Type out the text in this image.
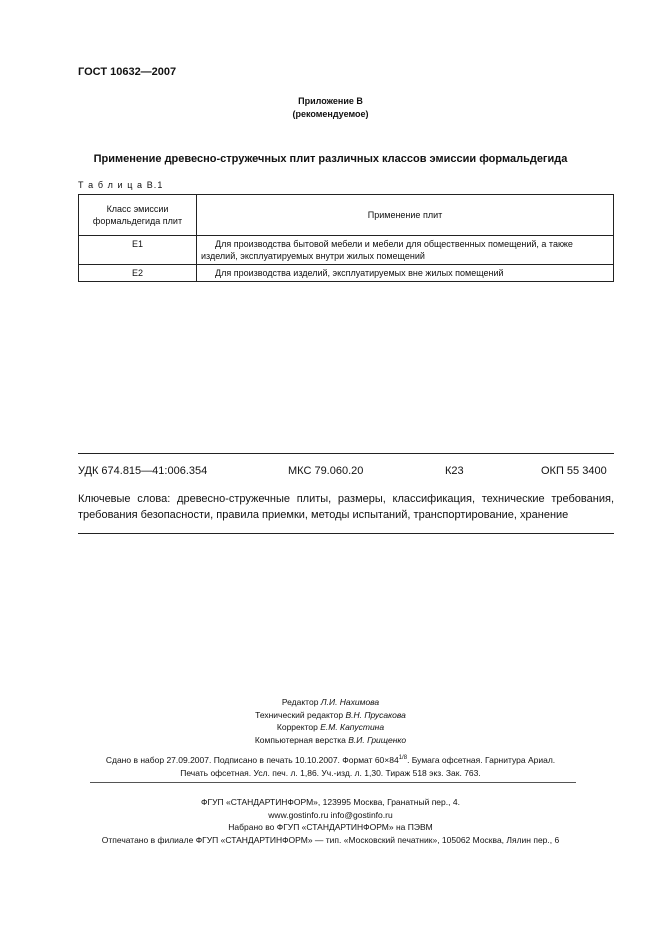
ГОСТ 10632—2007
Приложение В
(рекомендуемое)
Применение древесно-стружечных плит различных классов эмиссии формальдегида
Т а б л и ц а В.1
Класс эмиссии
формальдегида плит	Применение плит
Е1	Для производства бытовой мебели и мебели для общественных помещений, а также изделий, эксплуатируемых внутри жилых помещений
Е2	Для производства изделий, эксплуатируемых вне жилых помещений
УДК 674.815—41:006.354	МКС 79.060.20	К23	ОКП 55 3400
Ключевые слова: древесно-стружечные плиты, размеры, классификация, технические требования, требования безопасности, правила приемки, методы испытаний, транспортирование, хранение
Редактор Л.И. Нахимова
Технический редактор В.Н. Прусакова
Корректор Е.М. Капустина
Компьютерная верстка В.И. Грищенко
Сдано в набор 27.09.2007. Подписано в печать 10.10.2007. Формат $60\times 84^{1/8}$. Бумага офсетная. Гарнитура Ариал.
Печать офсетная. Усл. печ. л. 1,86. Уч.-изд. л. 1,30. Тираж 518 экз. Зак. 763.
ФГУП «СТАНДАРТИНФОРМ», 123995 Москва, Гранатный пер., 4.
www.gostinfo.ru info@gostinfo.ru
Набрано во ФГУП «СТАНДАРТИНФОРМ» на ПЭВМ
Отпечатано в филиале ФГУП «СТАНДАРТИНФОРМ» — тип. «Московский печатник», 105062 Москва, Лялин пер., 6
